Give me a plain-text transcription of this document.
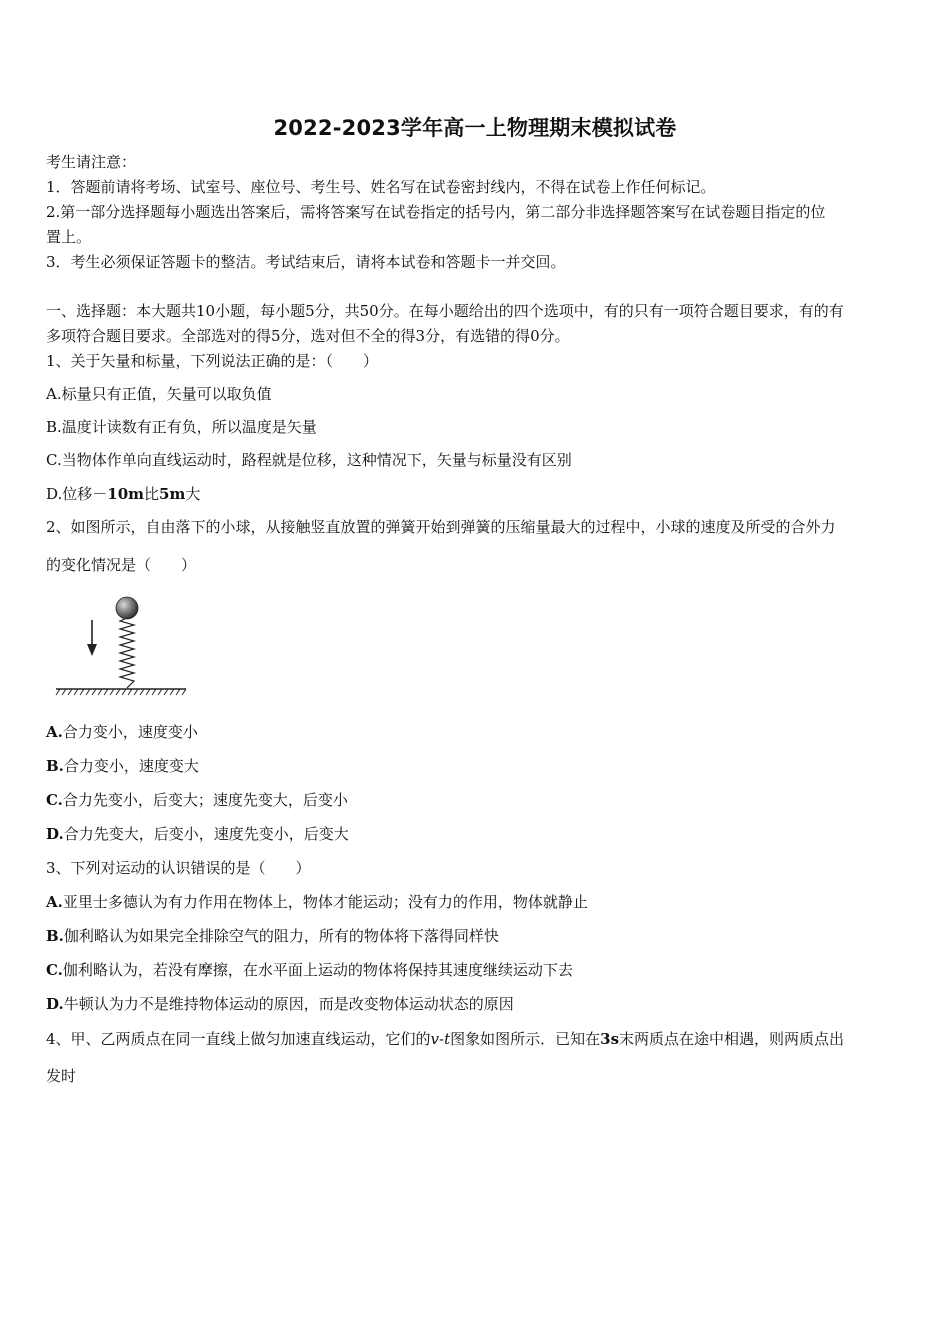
2022-2023学年高一上物理期末模拟试卷
考生请注意：
1．答题前请将考场、试室号、座位号、考生号、姓名写在试卷密封线内，不得在试卷上作任何标记。
2.第一部分选择题每小题选出答案后，需将答案写在试卷指定的括号内，第二部分非选择题答案写在试卷题目指定的位
置上。
3．考生必须保证答题卡的整洁。考试结束后，请将本试卷和答题卡一并交回。
一、选择题：本大题共10小题，每小题5分，共50分。在每小题给出的四个选项中，有的只有一项符合题目要求，有的有
多项符合题目要求。全部选对的得5分，选对但不全的得3分，有选错的得0分。
1、关于矢量和标量，下列说法正确的是：（　　）
A.标量只有正值，矢量可以取负值
B.温度计读数有正有负，所以温度是矢量
C.当物体作单向直线运动时，路程就是位移，这种情况下，矢量与标量没有区别
D.位移－10m比5m大
2、如图所示，自由落下的小球，从接触竖直放置的弹簧开始到弹簧的压缩量最大的过程中，小球的速度及所受的合外力
的变化情况是（　　）
A.合力变小，速度变小
B.合力变小，速度变大
C.合力先变小，后变大；速度先变大，后变小
D.合力先变大，后变小，速度先变小，后变大
3、下列对运动的认识错误的是（　　）
A.亚里士多德认为有力作用在物体上，物体才能运动；没有力的作用，物体就静止
B.伽利略认为如果完全排除空气的阻力，所有的物体将下落得同样快
C.伽利略认为，若没有摩擦，在水平面上运动的物体将保持其速度继续运动下去
D.牛顿认为力不是维持物体运动的原因，而是改变物体运动状态的原因
4、甲、乙两质点在同一直线上做匀加速直线运动，它们的v-t图象如图所示．已知在3s末两质点在途中相遇，则两质点出
发时
